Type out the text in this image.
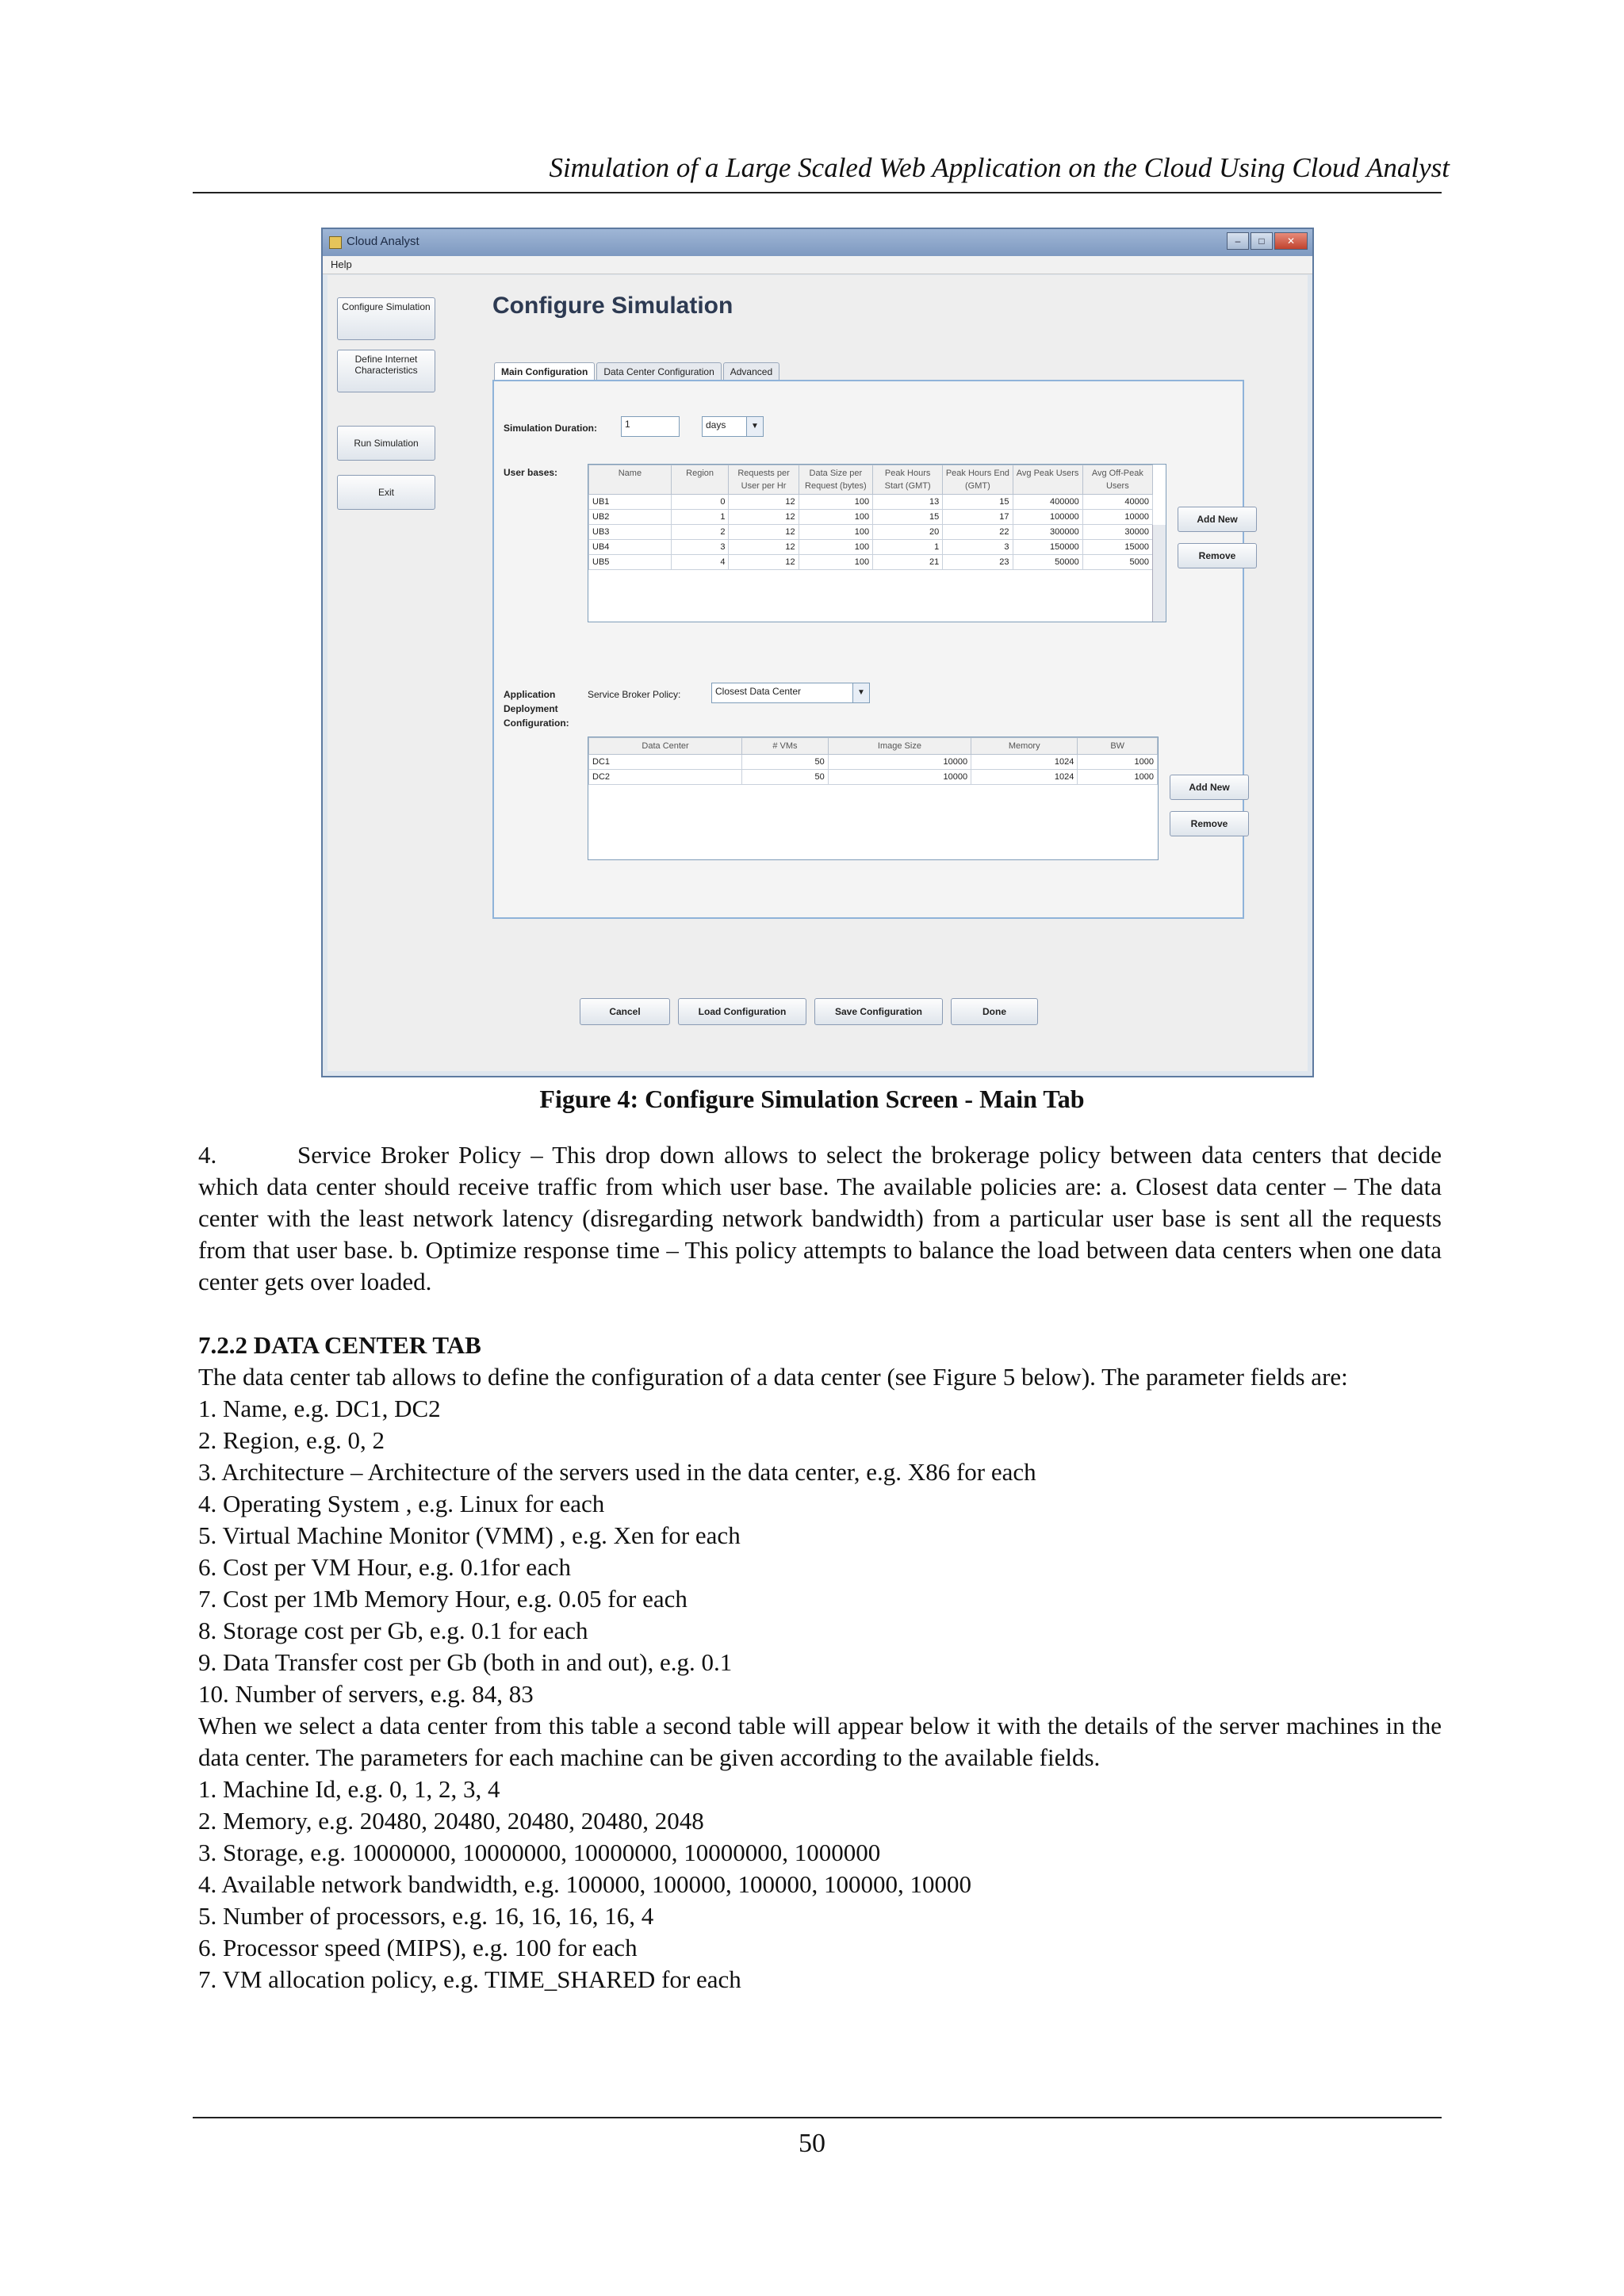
Simulation of a Large Scaled Web Application on the Cloud Using Cloud Analyst
Cloud Analyst	–	□	✕
Help
Configure Simulation
Define Internet Characteristics
Run Simulation
Exit
Configure Simulation
Main Configuration	Data Center Configuration	Advanced
Simulation Duration:	1	days	▼
User bases:	Name	Region	Requests per User per Hr	Data Size per Request (bytes)	Peak Hours Start (GMT)	Peak Hours End (GMT)	Avg Peak Users	Avg Off-Peak Users
UB1	0	12	100	13	15	400000	40000
UB2	1	12	100	15	17	100000	10000
UB3	2	12	100	20	22	300000	30000
UB4	3	12	100	1	3	150000	15000
UB5	4	12	100	21	23	50000	5000
Add New
Remove
Application Deployment Configuration:
Service Broker Policy:	Closest Data Center	▼
Data Center	# VMs	Image Size	Memory	BW
DC1	50	10000	1024	1000
DC2	50	10000	1024	1000
Add New
Remove
Cancel	Load Configuration	Save Configuration	Done
Figure 4: Configure Simulation Screen - Main Tab
4.	Service Broker Policy – This drop down allows to select the brokerage policy between data centers that decide which data center should receive traffic from which user base. The available policies are: a. Closest data center – The data center with the least network latency (disregarding network bandwidth) from a particular user base is sent all the requests from that user base. b. Optimize response time – This policy attempts to balance the load between data centers when one data center gets over loaded.
7.2.2 DATA CENTER TAB
The data center tab allows to define the configuration of a data center (see Figure 5 below). The parameter fields are:
1. Name, e.g. DC1, DC2
2. Region, e.g. 0, 2
3. Architecture – Architecture of the servers used in the data center, e.g. X86 for each
4. Operating System , e.g. Linux for each
5. Virtual Machine Monitor (VMM) , e.g. Xen for each
6. Cost per VM Hour, e.g. 0.1for each
7. Cost per 1Mb Memory Hour, e.g. 0.05 for each
8. Storage cost per Gb, e.g. 0.1 for each
9. Data Transfer cost per Gb (both in and out), e.g. 0.1
10. Number of servers, e.g. 84, 83
When we select a data center from this table a second table will appear below it with the details of the server machines in the data center. The parameters for each machine can be given according to the available fields.
1. Machine Id, e.g. 0, 1, 2, 3, 4
2. Memory, e.g. 20480, 20480, 20480, 20480, 2048
3. Storage, e.g. 10000000, 10000000, 10000000, 10000000, 1000000
4. Available network bandwidth, e.g. 100000, 100000, 100000, 100000, 10000
5. Number of processors, e.g. 16, 16, 16, 16, 4
6. Processor speed (MIPS), e.g. 100 for each
7. VM allocation policy, e.g. TIME_SHARED for each
50
